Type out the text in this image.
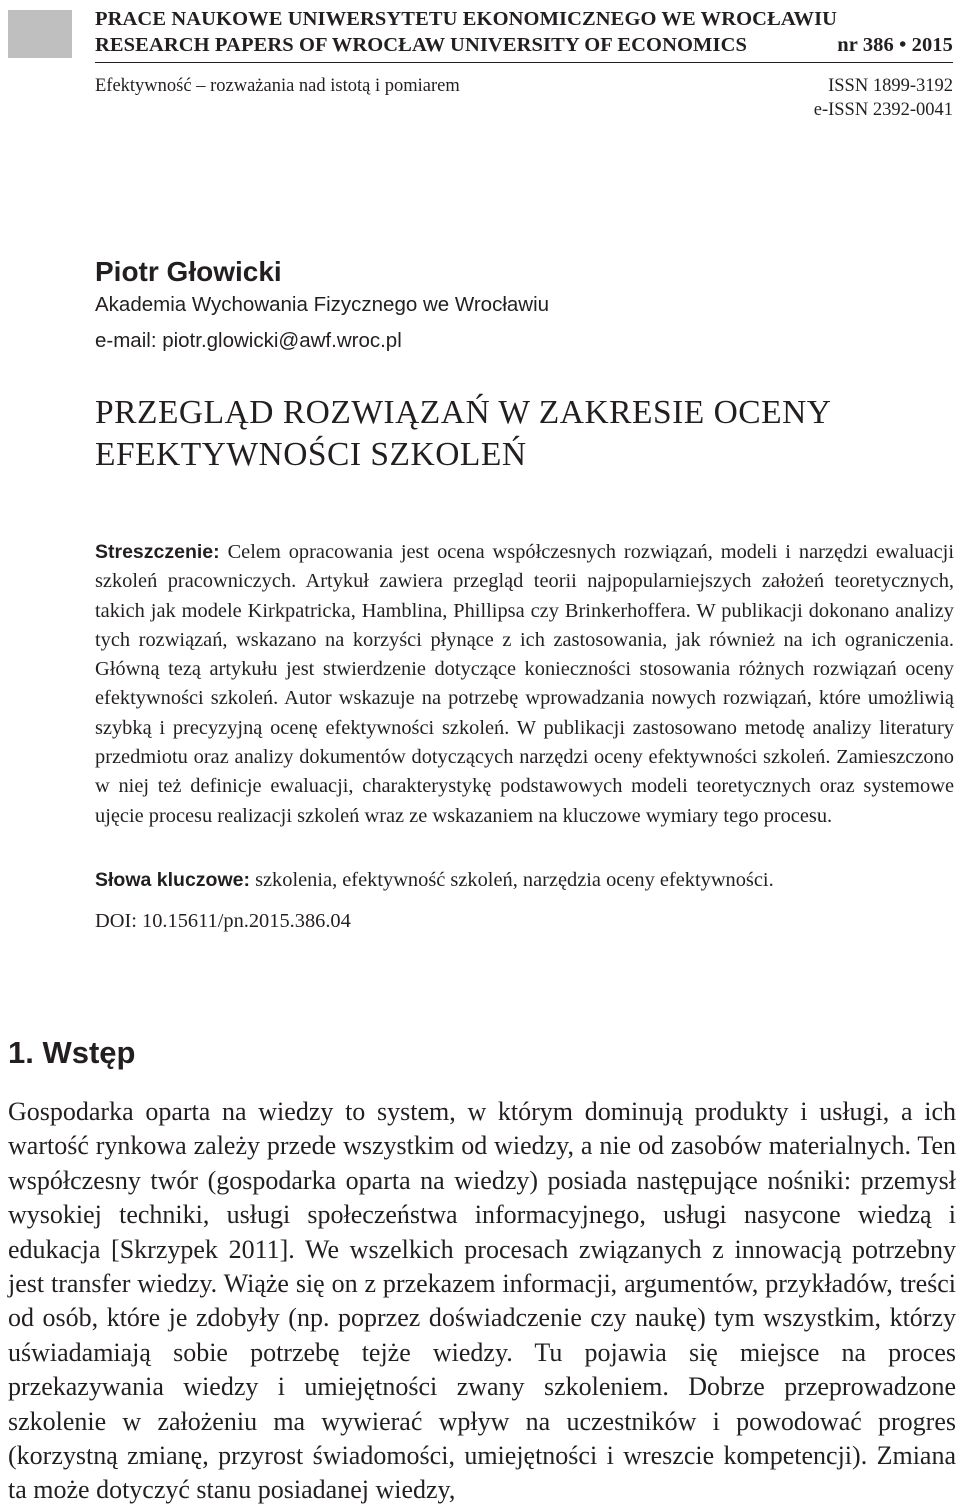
PRACE NAUKOWE UNIWERSYTETU EKONOMICZNEGO WE WROCŁAWIU
RESEARCH PAPERS OF WROCŁAW UNIVERSITY OF ECONOMICS	nr 386 • 2015
Efektywność – rozważania nad istotą i pomiarem	ISSN 1899-3192
e-ISSN 2392-0041
Piotr Głowicki
Akademia Wychowania Fizycznego we Wrocławiu
e-mail: piotr.glowicki@awf.wroc.pl
PRZEGLĄD ROZWIĄZAŃ W ZAKRESIE OCENY
EFEKTYWNOŚCI SZKOLEŃ

Streszczenie: Celem opracowania jest ocena współczesnych rozwiązań, modeli i narzędzi ewaluacji szkoleń pracowniczych. Artykuł zawiera przegląd teorii najpopularniejszych założeń teoretycznych, takich jak modele Kirkpatricka, Hamblina, Phillipsa czy Brinkerhoffera. W publikacji dokonano analizy tych rozwiązań, wskazano na korzyści płynące z ich zastosowania, jak również na ich ograniczenia. Główną tezą artykułu jest stwierdzenie dotyczące konieczności stosowania różnych rozwiązań oceny efektywności szkoleń. Autor wskazuje na potrzebę wprowadzania nowych rozwiązań, które umożliwią szybką i precyzyjną ocenę efektywności szkoleń. W publikacji zastosowano metodę analizy literatury przedmiotu oraz analizy dokumentów dotyczących narzędzi oceny efektywności szkoleń. Zamieszczono w niej też definicje ewaluacji, charakterystykę podstawowych modeli teoretycznych oraz systemowe ujęcie procesu realizacji szkoleń wraz ze wskazaniem na kluczowe wymiary tego procesu.

Słowa kluczowe: szkolenia, efektywność szkoleń, narzędzia oceny efektywności.

DOI: 10.15611/pn.2015.386.04
1. Wstęp

Gospodarka oparta na wiedzy to system, w którym dominują produkty i usługi, a ich wartość rynkowa zależy przede wszystkim od wiedzy, a nie od zasobów materialnych. Ten współczesny twór (gospodarka oparta na wiedzy) posiada następujące nośniki: przemysł wysokiej techniki, usługi społeczeństwa informacyjnego, usługi nasycone wiedzą i edukacja [Skrzypek 2011]. We wszelkich procesach związanych z innowacją potrzebny jest transfer wiedzy. Wiąże się on z przekazem informacji, argumentów, przykładów, treści od osób, które je zdobyły (np. poprzez doświadczenie czy naukę) tym wszystkim, którzy uświadamiają sobie potrzebę tejże wiedzy. Tu pojawia się miejsce na proces przekazywania wiedzy i umiejętności zwany szkoleniem. Dobrze przeprowadzone szkolenie w założeniu ma wywierać wpływ na uczestników i powodować progres (korzystną zmianę, przyrost świadomości, umiejętności i wreszcie kompetencji). Zmiana ta może dotyczyć stanu posiadanej wiedzy,
